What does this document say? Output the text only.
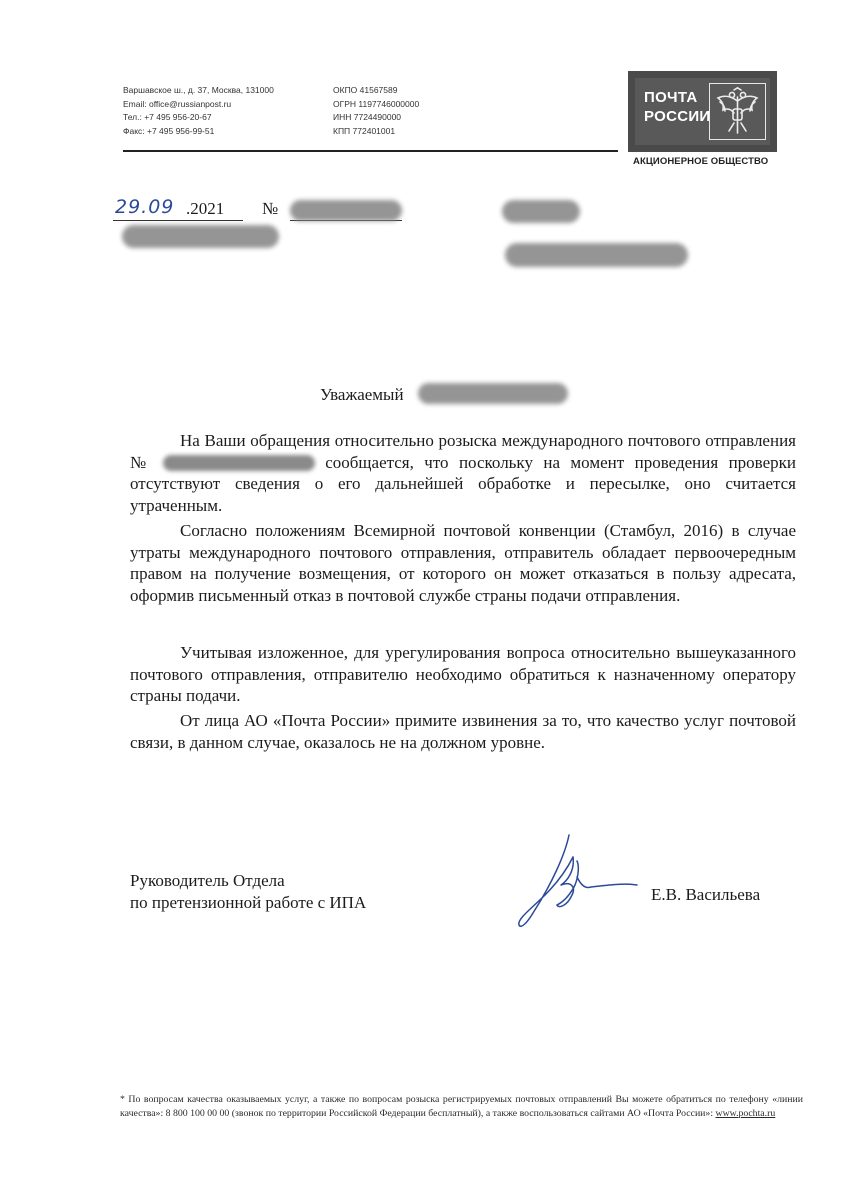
Варшавское ш., д. 37, Москва, 131000
Email: office@russianpost.ru
Тел.: +7 495 956-20-67
Факс: +7 495 956-99-51
ОКПО 41567589
ОГРН 1197746000000
ИНН 7724490000
КПП 772401001
ПОЧТА
РОССИИ
АКЦИОНЕРНОЕ ОБЩЕСТВО
29.09 .2021 №
Уважаемый
На Ваши обращения относительно розыска международного почтового отправления №	сообщается, что поскольку на момент проведения проверки отсутствуют сведения о его дальнейшей обработке и пересылке, оно считается утраченным.
Согласно положениям Всемирной почтовой конвенции (Стамбул, 2016) в случае утраты международного почтового отправления, отправитель обладает первоочередным правом на получение возмещения, от которого он может отказаться в пользу адресата, оформив письменный отказ в почтовой службе страны подачи отправления.
Учитывая изложенное, для урегулирования вопроса относительно вышеуказанного почтового отправления, отправителю необходимо обратиться к назначенному оператору страны подачи.
От лица АО «Почта России» примите извинения за то, что качество услуг почтовой связи, в данном случае, оказалось не на должном уровне.
Руководитель Отдела
по претензионной работе с ИПА	Е.В. Васильева
* По вопросам качества оказываемых услуг, а также по вопросам розыска регистрируемых почтовых отправлений Вы можете обратиться по телефону «линии качества»: 8 800 100 00 00 (звонок по территории Российской Федерации бесплатный), а также воспользоваться сайтами АО «Почта России»: www.pochta.ru
